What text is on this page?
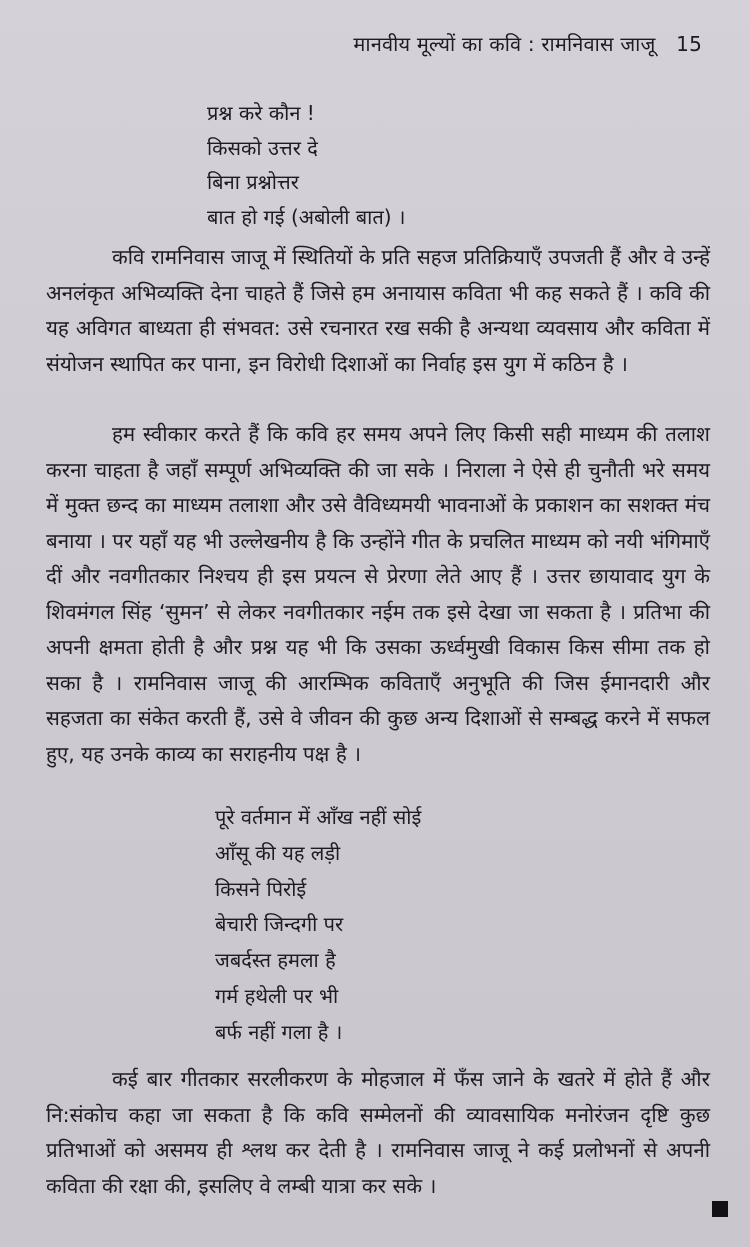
मानवीय मूल्यों का कवि : रामनिवास जाजू 15
प्रश्न करे कौन !
किसको उत्तर दे
बिना प्रश्नोत्तर
बात हो गई (अबोली बात) ।

कवि रामनिवास जाजू में स्थितियों के प्रति सहज प्रतिक्रियाएँ उपजती हैं और वे उन्हें अनलंकृत अभिव्यक्ति देना चाहते हैं जिसे हम अनायास कविता भी कह सकते हैं । कवि की यह अविगत बाध्यता ही संभवत: उसे रचनारत रख सकी है अन्यथा व्यवसाय और कविता में संयोजन स्थापित कर पाना, इन विरोधी दिशाओं का निर्वाह इस युग में कठिन है ।

हम स्वीकार करते हैं कि कवि हर समय अपने लिए किसी सही माध्यम की तलाश करना चाहता है जहाँ सम्पूर्ण अभिव्यक्ति की जा सके । निराला ने ऐसे ही चुनौती भरे समय में मुक्त छन्द का माध्यम तलाशा और उसे वैविध्यमयी भावनाओं के प्रकाशन का सशक्त मंच बनाया । पर यहाँ यह भी उल्लेखनीय है कि उन्होंने गीत के प्रचलित माध्यम को नयी भंगिमाएँ दीं और नवगीतकार निश्चय ही इस प्रयत्न से प्रेरणा लेते आए हैं । उत्तर छायावाद युग के शिवमंगल सिंह ‘सुमन’ से लेकर नवगीतकार नईम तक इसे देखा जा सकता है । प्रतिभा की अपनी क्षमता होती है और प्रश्न यह भी कि उसका ऊर्ध्वमुखी विकास किस सीमा तक हो सका है । रामनिवास जाजू की आरम्भिक कविताएँ अनुभूति की जिस ईमानदारी और सहजता का संकेत करती हैं, उसे वे जीवन की कुछ अन्य दिशाओं से सम्बद्ध करने में सफल हुए, यह उनके काव्य का सराहनीय पक्ष है ।

पूरे वर्तमान में आँख नहीं सोई
आँसू की यह लड़ी
किसने पिरोई
बेचारी जिन्दगी पर
जबर्दस्त हमला है
गर्म हथेली पर भी
बर्फ नहीं गला है ।

कई बार गीतकार सरलीकरण के मोहजाल में फँस जाने के खतरे में होते हैं और नि:संकोच कहा जा सकता है कि कवि सम्मेलनों की व्यावसायिक मनोरंजन दृष्टि कुछ प्रतिभाओं को असमय ही श्लथ कर देती है । रामनिवास जाजू ने कई प्रलोभनों से अपनी कविता की रक्षा की, इसलिए वे लम्बी यात्रा कर सके ।
